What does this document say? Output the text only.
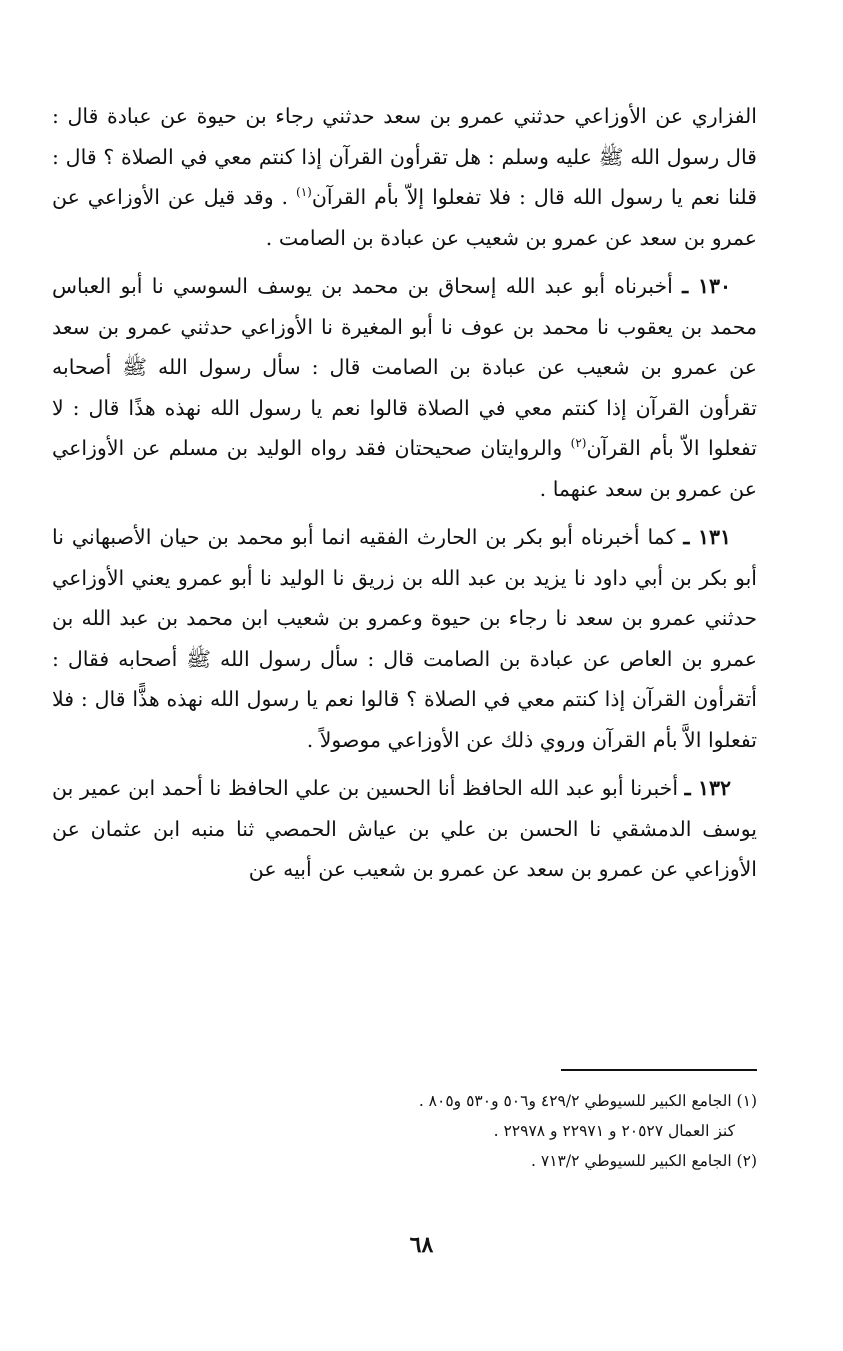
الفزاري عن الأوزاعي حدثني عمرو بن سعد حدثني رجاء بن حيوة عن عبادة قال : قال رسول الله ﷺ عليه وسلم : هل تقرأون القرآن إذا كنتم معي في الصلاة ؟ قال : قلنا نعم يا رسول الله قال : فلا تفعلوا إلاّ بأم القرآن$^{(١)}$ . وقد قيل عن الأوزاعي عن عمرو بن سعد عن عمرو بن شعيب عن عبادة بن الصامت .

١٣٠ ـ أخبرناه أبو عبد الله إسحاق بن محمد بن يوسف السوسي نا أبو العباس محمد بن يعقوب نا محمد بن عوف نا أبو المغيرة نا الأوزاعي حدثني عمرو بن سعد عن عمرو بن شعيب عن عبادة بن الصامت قال : سأل رسول الله ﷺ أصحابه تقرأون القرآن إذا كنتم معي في الصلاة قالوا نعم يا رسول الله نهذه هذًا قال : لا تفعلوا الاّ بأم القرآن$^{(٢)}$ والروايتان صحيحتان فقد رواه الوليد بن مسلم عن الأوزاعي عن عمرو بن سعد عنهما .

١٣١ ـ كما أخبرناه أبو بكر بن الحارث الفقيه انما أبو محمد بن حيان الأصبهاني نا أبو بكر بن أبي داود نا يزيد بن عبد الله بن زريق نا الوليد نا أبو عمرو يعني الأوزاعي حدثني عمرو بن سعد نا رجاء بن حيوة وعمرو بن شعيب ابن محمد بن عبد الله بن عمرو بن العاص عن عبادة بن الصامت قال : سأل رسول الله ﷺ أصحابه فقال : أتقرأون القرآن إذا كنتم معي في الصلاة ؟ قالوا نعم يا رسول الله نهذه هذًّا قال : فلا تفعلوا الاَّ بأم القرآن وروي ذلك عن الأوزاعي موصولاً .

١٣٢ ـ أخبرنا أبو عبد الله الحافظ أنا الحسين بن علي الحافظ نا أحمد ابن عمير بن يوسف الدمشقي نا الحسن بن علي بن عياش الحمصي ثنا منبه ابن عثمان عن الأوزاعي عن عمرو بن سعد عن عمرو بن شعيب عن أبيه عن

(١) الجامع الكبير للسيوطي ٤٢٩/٢ و٥٠٦ و٥٣٠ و٨٠٥ .
كنز العمال ٢٠٥٢٧ و ٢٢٩٧١ و ٢٢٩٧٨ .
(٢) الجامع الكبير للسيوطي ٧١٣/٢ .
٦٨
